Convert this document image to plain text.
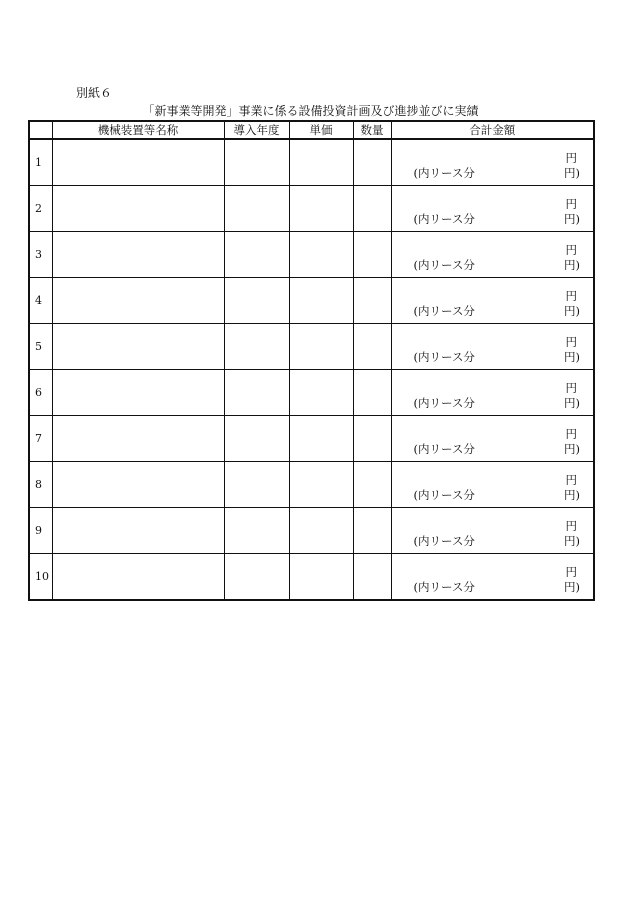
別紙６
「新事業等開発」事業に係る設備投資計画及び進捗並びに実績
	機械装置等名称	導入年度	単価	数量	合計金額
1					円
(内リース分 円)

2					円
(内リース分 円)

3					円
(内リース分 円)

4					円
(内リース分 円)

5					円
(内リース分 円)

6					円
(内リース分 円)

7					円
(内リース分 円)

8					円
(内リース分 円)

9					円
(内リース分 円)

10					円
(内リース分 円)
